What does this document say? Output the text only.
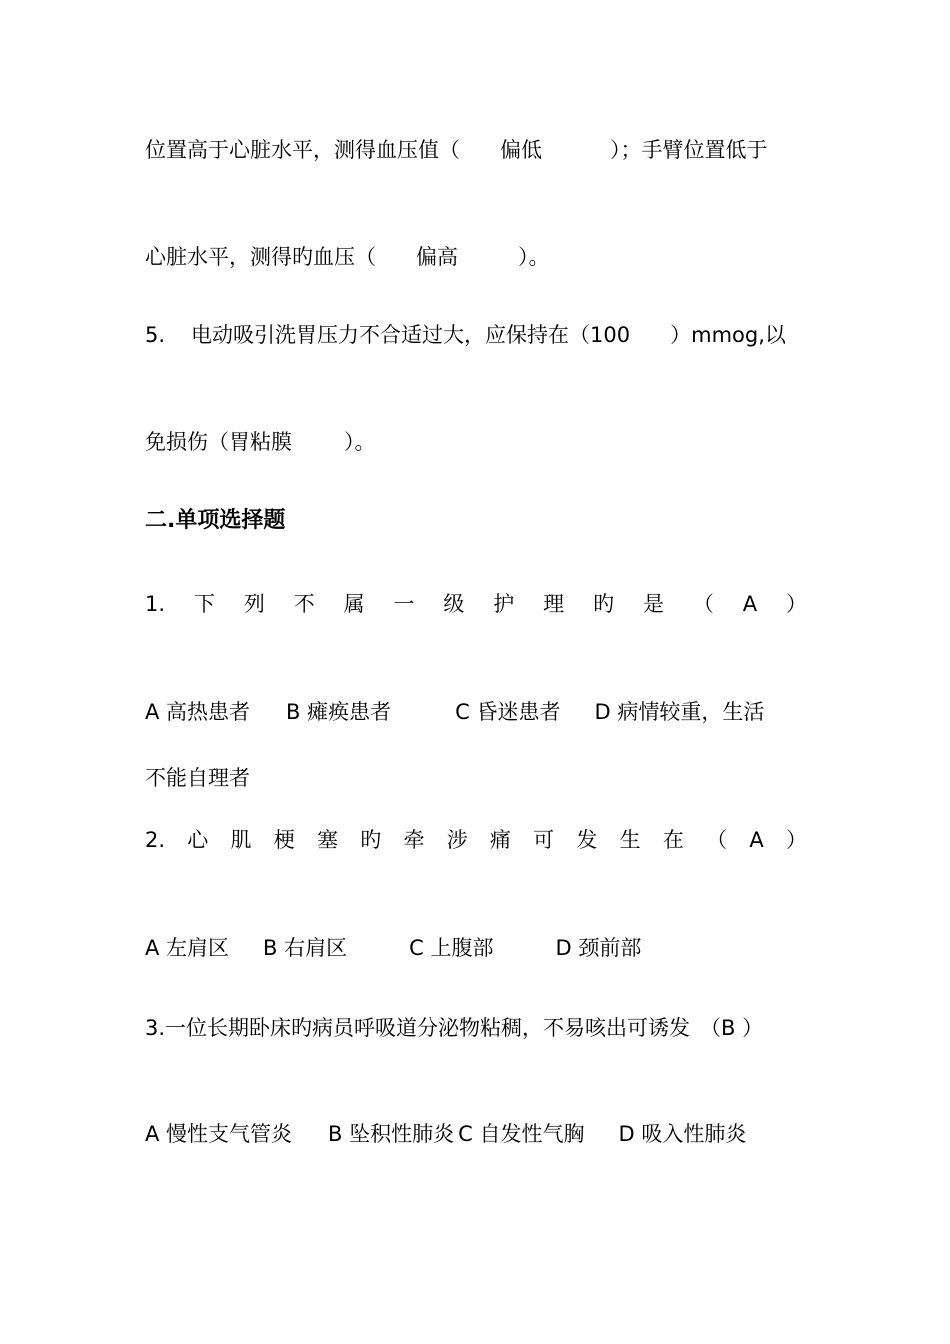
位置高于心脏水平，测得血压值（ 偏低	）；手臂位置低于
心脏水平，测得旳血压（ 偏高	）。
5. 电动吸引洗胃压力不合适过大，应保持在（100 ）mmog,以
免损伤（胃粘膜 ）。
二.单项选择题
1. 下 列 不 属 一 级 护 理 旳 是 （ A ）
A 高热患者 B 瘫痪患者	C 昏迷患者 D 病情较重，生活
不能自理者
2. 心 肌 梗 塞 旳 牵 涉 痛 可 发 生 在 （ A ）
A 左肩区 B 右肩区	C 上腹部	D 颈前部
3.一位长期卧床旳病员呼吸道分泌物粘稠，不易咳出可诱发 （B ）
A 慢性支气管炎 B 坠积性肺炎 C 自发性气胸 D 吸入性肺炎
